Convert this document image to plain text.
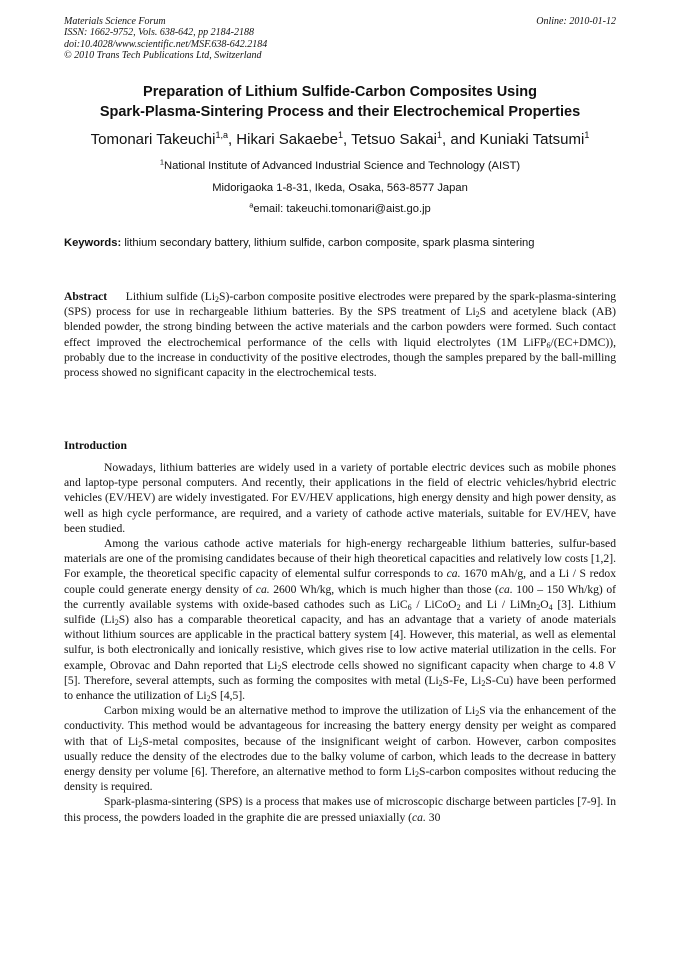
Materials Science Forum
ISSN: 1662-9752, Vols. 638-642, pp 2184-2188
doi:10.4028/www.scientific.net/MSF.638-642.2184
© 2010 Trans Tech Publications Ltd, Switzerland
Online: 2010-01-12
Preparation of Lithium Sulfide-Carbon Composites Using
Spark-Plasma-Sintering Process and their Electrochemical Properties
Tomonari Takeuchi$^{1,a}$, Hikari Sakaebe$^1$, Tetsuo Sakai$^1$, and Kuniaki Tatsumi$^1$
$^1$National Institute of Advanced Industrial Science and Technology (AIST)
Midorigaoka 1-8-31, Ikeda, Osaka, 563-8577 Japan
$^a$email: takeuchi.tomonari@aist.go.jp
Keywords: lithium secondary battery, lithium sulfide, carbon composite, spark plasma sintering

Abstract Lithium sulfide $(Li_2S)$-carbon composite positive electrodes were prepared by the spark-plasma-sintering (SPS) process for use in rechargeable lithium batteries. By the SPS treatment of $Li_2S$ and acetylene black (AB) blended powder, the strong binding between the active materials and the carbon powders were formed. Such contact effect improved the electrochemical performance of the cells with liquid electrolytes (1M LiFP$_6$/(EC+DMC)), probably due to the increase in conductivity of the positive electrodes, though the samples prepared by the ball-milling process showed no significant capacity in the electrochemical tests.

Introduction

Nowadays, lithium batteries are widely used in a variety of portable electric devices such as mobile phones and laptop-type personal computers. And recently, their applications in the field of electric vehicles/hybrid electric vehicles (EV/HEV) are widely investigated. For EV/HEV applications, high energy density and high power density, as well as high cycle performance, are required, and a variety of cathode active materials, suitable for EV/HEV, have been studied.

Among the various cathode active materials for high-energy rechargeable lithium batteries, sulfur-based materials are one of the promising candidates because of their high theoretical capacities and relatively low costs [1,2]. For example, the theoretical specific capacity of elemental sulfur corresponds to ca. 1670 mAh/g, and a Li / S redox couple could generate energy density of ca. 2600 Wh/kg, which is much higher than those (ca. 100 – 150 Wh/kg) of the currently available systems with oxide-based cathodes such as LiC$_6$ / LiCoO$_2$ and Li / $LiMn_2O_4$ [3]. Lithium sulfide $(Li_2S)$ also has a comparable theoretical capacity, and has an advantage that a variety of anode materials without lithium sources are applicable in the practical battery system [4]. However, this material, as well as elemental sulfur, is both electronically and ionically resistive, which gives rise to low active material utilization in the cells. For example, Obrovac and Dahn reported that $Li_2S$ electrode cells showed no significant capacity when charge to 4.8 V [5]. Therefore, several attempts, such as forming the composites with metal ($Li_2S-Fe$, $Li_2S-Cu$) have been performed to enhance the utilization of $Li_2S$ [4,5].

Carbon mixing would be an alternative method to improve the utilization of $Li_2S$ via the enhancement of the conductivity. This method would be advantageous for increasing the battery energy density per weight as compared with that of $Li_2S$-metal composites, because of the insignificant weight of carbon. However, carbon composites usually reduce the density of the electrodes due to the balky volume of carbon, which leads to the decrease in battery energy density per volume [6]. Therefore, an alternative method to form $Li_2S$-carbon composites without reducing the density is required.

Spark-plasma-sintering (SPS) is a process that makes use of microscopic discharge between particles [7-9]. In this process, the powders loaded in the graphite die are pressed uniaxially (ca. 30
